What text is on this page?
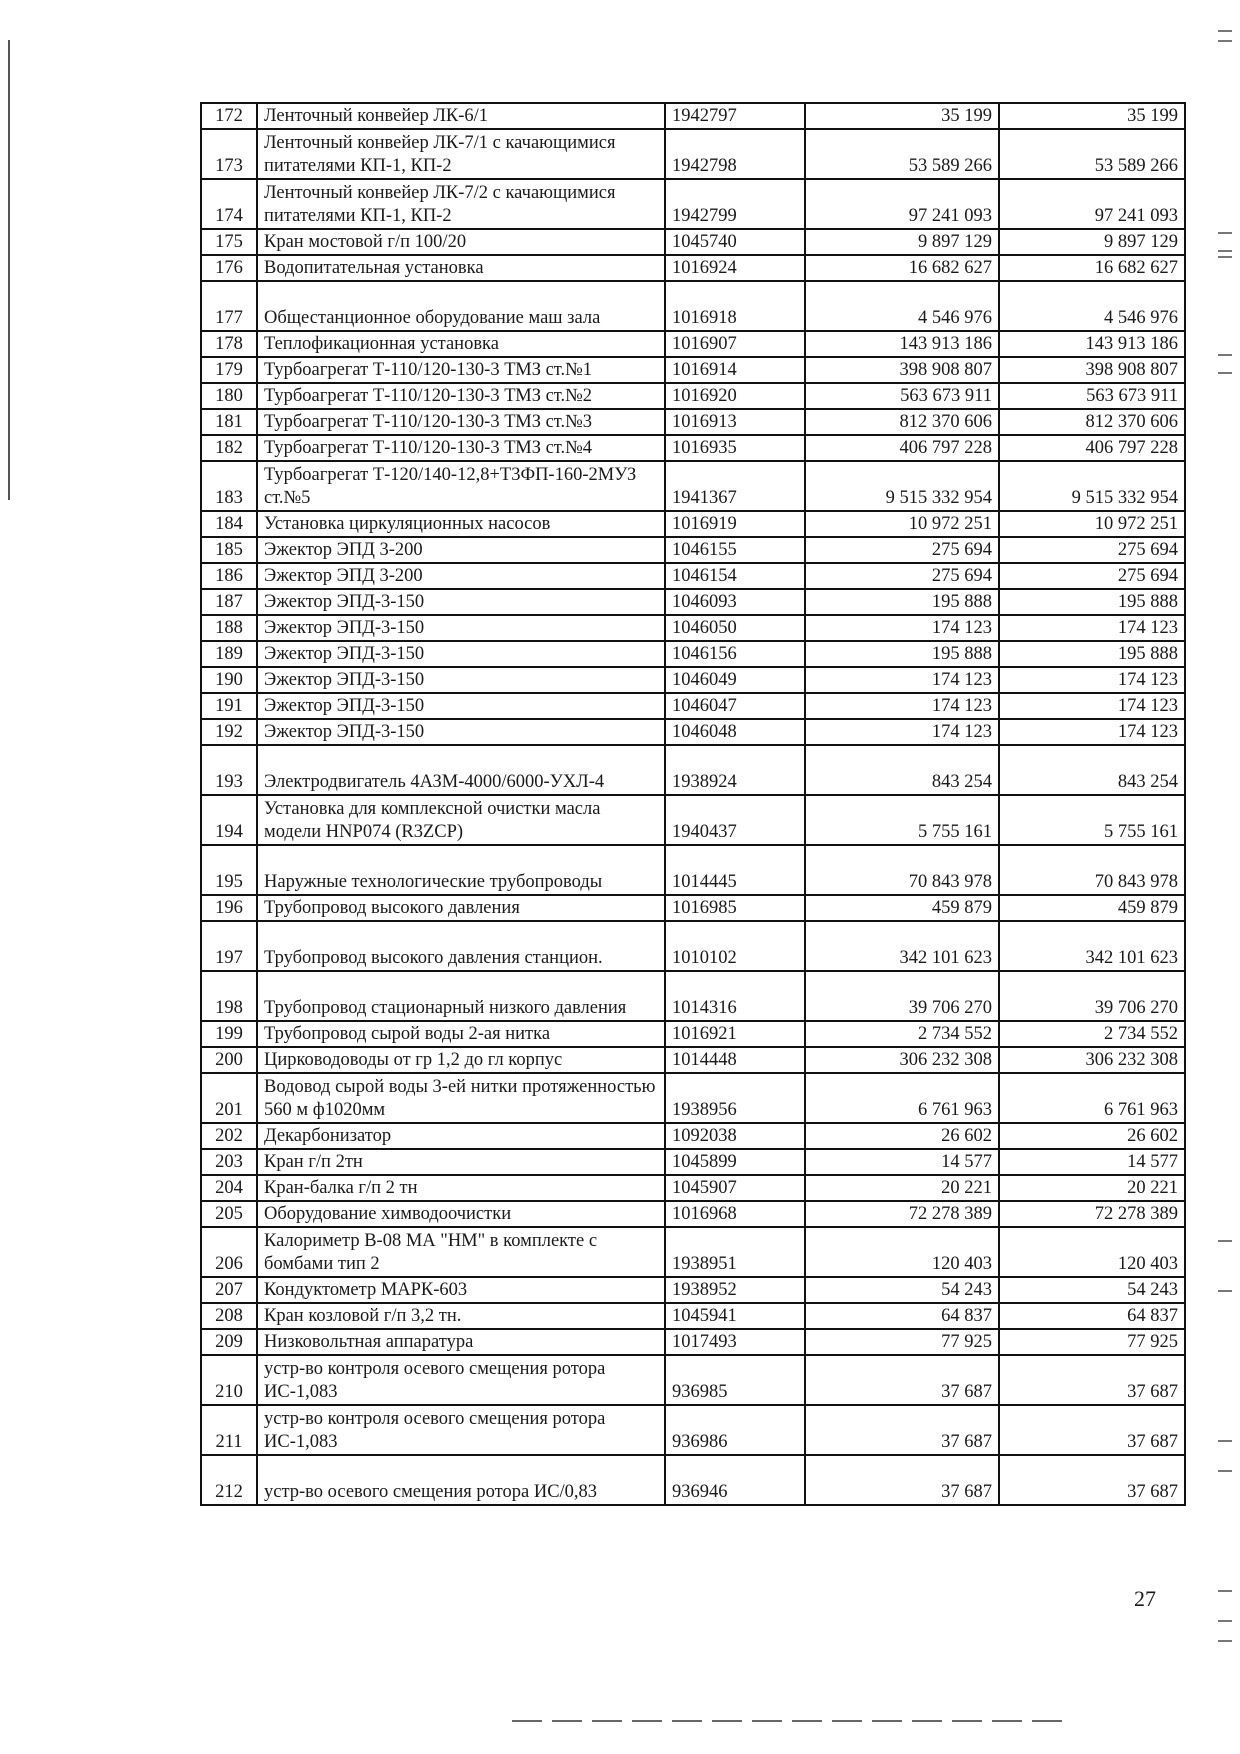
172	Ленточный конвейер ЛК-6/1	1942797	35 199	35 199
173	Ленточный конвейер ЛК-7/1 с качающимися питателями КП-1, КП-2	1942798	53 589 266	53 589 266
174	Ленточный конвейер ЛК-7/2 с качающимися питателями КП-1, КП-2	1942799	97 241 093	97 241 093
175	Кран мостовой г/п 100/20	1045740	9 897 129	9 897 129
176	Водопитательная установка	1016924	16 682 627	16 682 627
177	Общестанционное оборудование маш зала	1016918	4 546 976	4 546 976
178	Теплофикационная установка	1016907	143 913 186	143 913 186
179	Турбоагрегат Т-110/120-130-3 ТМЗ ст.№1	1016914	398 908 807	398 908 807
180	Турбоагрегат Т-110/120-130-3 ТМЗ ст.№2	1016920	563 673 911	563 673 911
181	Турбоагрегат Т-110/120-130-3 ТМЗ ст.№3	1016913	812 370 606	812 370 606
182	Турбоагрегат Т-110/120-130-3 ТМЗ ст.№4	1016935	406 797 228	406 797 228
183	Турбоагрегат Т-120/140-12,8+Т3ФП-160-2МУЗ ст.№5	1941367	9 515 332 954	9 515 332 954
184	Установка циркуляционных насосов	1016919	10 972 251	10 972 251
185	Эжектор ЭПД 3-200	1046155	275 694	275 694
186	Эжектор ЭПД 3-200	1046154	275 694	275 694
187	Эжектор ЭПД-3-150	1046093	195 888	195 888
188	Эжектор ЭПД-3-150	1046050	174 123	174 123
189	Эжектор ЭПД-3-150	1046156	195 888	195 888
190	Эжектор ЭПД-3-150	1046049	174 123	174 123
191	Эжектор ЭПД-3-150	1046047	174 123	174 123
192	Эжектор ЭПД-3-150	1046048	174 123	174 123
193	Электродвигатель 4АЗМ-4000/6000-УХЛ-4	1938924	843 254	843 254
194	Установка для комплексной очистки масла модели HNP074 (R3ZCP)	1940437	5 755 161	5 755 161
195	Наружные технологические трубопроводы	1014445	70 843 978	70 843 978
196	Трубопровод высокого давления	1016985	459 879	459 879
197	Трубопровод высокого давления станцион.	1010102	342 101 623	342 101 623
198	Трубопровод стационарный низкого давления	1014316	39 706 270	39 706 270
199	Трубопровод сырой воды 2-ая нитка	1016921	2 734 552	2 734 552
200	Цирководоводы от гр 1,2 до гл корпус	1014448	306 232 308	306 232 308
201	Водовод сырой воды 3-ей нитки протяженностью 560 м ф1020мм	1938956	6 761 963	6 761 963
202	Декарбонизатор	1092038	26 602	26 602
203	Кран г/п 2тн	1045899	14 577	14 577
204	Кран-балка г/п 2 тн	1045907	20 221	20 221
205	Оборудование химводоочистки	1016968	72 278 389	72 278 389
206	Калориметр В-08 МА "НМ" в комплекте с бомбами тип 2	1938951	120 403	120 403
207	Кондуктометр МАРК-603	1938952	54 243	54 243
208	Кран козловой г/п 3,2 тн.	1045941	64 837	64 837
209	Низковольтная аппаратура	1017493	77 925	77 925
210	устр-во контроля осевого смещения ротора ИС-1,083	936985	37 687	37 687
211	устр-во контроля осевого смещения ротора ИС-1,083	936986	37 687	37 687
212	устр-во осевого смещения ротора ИС/0,83	936946	37 687	37 687
27
